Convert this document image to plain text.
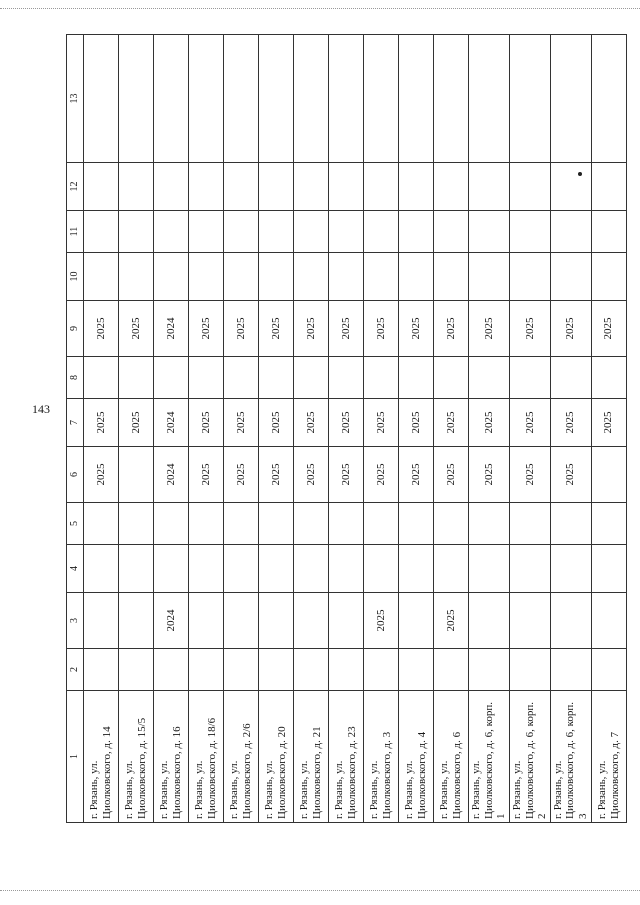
143
1	2	3	4	5	6	7	8	9	10	11	12	13
г. Рязань, ул. Циолковского, д. 14					2025	2025		2025				
г. Рязань, ул. Циолковского, д. 15/5						2025		2025				
г. Рязань, ул. Циолковского, д. 16		2024			2024	2024		2024				
г. Рязань, ул. Циолковского, д. 18/6					2025	2025		2025				
г. Рязань, ул. Циолковского, д. 2/6					2025	2025		2025				
г. Рязань, ул. Циолковского, д. 20					2025	2025		2025				
г. Рязань, ул. Циолковского, д. 21					2025	2025		2025				
г. Рязань, ул. Циолковского, д. 23					2025	2025		2025				
г. Рязань, ул. Циолковского, д. 3		2025			2025	2025		2025				
г. Рязань, ул. Циолковского, д. 4					2025	2025		2025				
г. Рязань, ул. Циолковского, д. 6		2025			2025	2025		2025				
г. Рязань, ул. Циолковского, д. 6, корп. 1					2025	2025		2025				
г. Рязань, ул. Циолковского, д. 6, корп. 2					2025	2025		2025				
г. Рязань, ул. Циолковского, д. 6, корп. 3					2025	2025		2025				
г. Рязань, ул. Циолковского, д. 7						2025		2025				
